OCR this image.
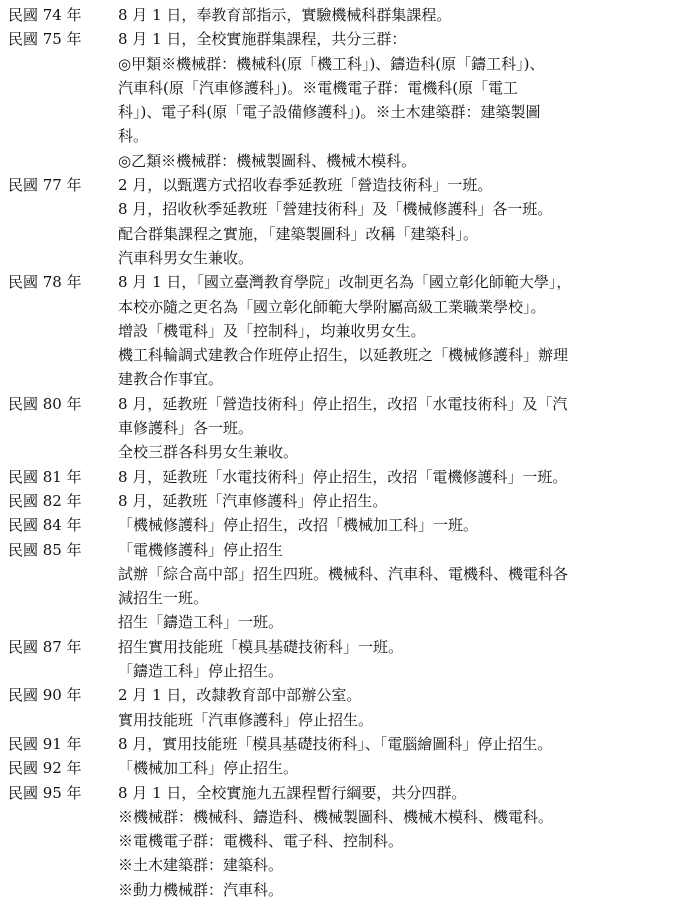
民國 74 年	8 月 1 日，奉教育部指示，實驗機械科群集課程。
民國 75 年	8 月 1 日，全校實施群集課程，共分三群：
◎甲類※機械群：機械科(原「機工科」)、鑄造科(原「鑄工科」)、
汽車科(原「汽車修護科」)。※電機電子群：電機科(原「電工
科」)、電子科(原「電子設備修護科」)。※土木建築群：建築製圖
科。
◎乙類※機械群：機械製圖科、機械木模科。
民國 77 年	2 月，以甄選方式招收春季延教班「營造技術科」一班。
8 月，招收秋季延教班「營建技術科」及「機械修護科」各一班。
配合群集課程之實施，「建築製圖科」改稱「建築科」。
汽車科男女生兼收。
民國 78 年	8 月 1 日，「國立臺灣教育學院」改制更名為「國立彰化師範大學」，
本校亦隨之更名為「國立彰化師範大學附屬高級工業職業學校」。
增設「機電科」及「控制科」，均兼收男女生。
機工科輪調式建教合作班停止招生，以延教班之「機械修護科」辦理
建教合作事宜。
民國 80 年	8 月，延教班「營造技術科」停止招生，改招「水電技術科」及「汽
車修護科」各一班。
全校三群各科男女生兼收。
民國 81 年	8 月，延教班「水電技術科」停止招生，改招「電機修護科」一班。
民國 82 年	8 月，延教班「汽車修護科」停止招生。
民國 84 年	「機械修護科」停止招生，改招「機械加工科」一班。
民國 85 年	「電機修護科」停止招生
試辦「綜合高中部」招生四班。機械科、汽車科、電機科、機電科各
減招生一班。
招生「鑄造工科」一班。
民國 87 年	招生實用技能班「模具基礎技術科」一班。
「鑄造工科」停止招生。
民國 90 年	2 月 1 日，改隸教育部中部辦公室。
實用技能班「汽車修護科」停止招生。
民國 91 年	8 月，實用技能班「模具基礎技術科」、「電腦繪圖科」停止招生。
民國 92 年	「機械加工科」停止招生。
民國 95 年	8 月 1 日，全校實施九五課程暫行綱要，共分四群。
※機械群：機械科、鑄造科、機械製圖科、機械木模科、機電科。
※電機電子群：電機科、電子科、控制科。
※土木建築群：建築科。
※動力機械群：汽車科。
